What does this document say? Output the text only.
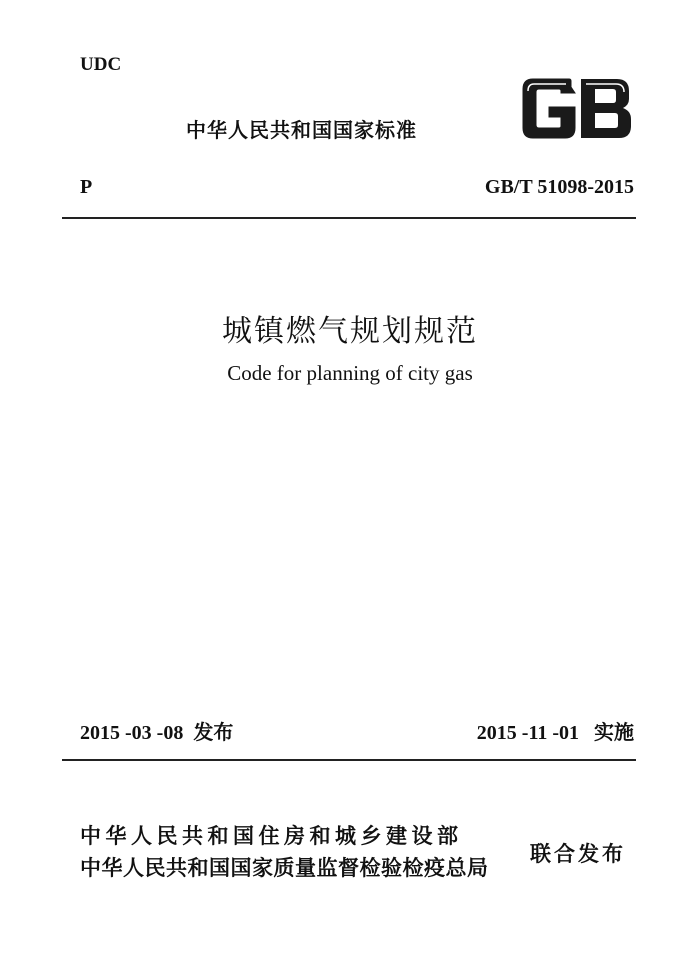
UDC
中华人民共和国国家标准
P	GB/T 51098-2015
城镇燃气规划规范
Code for planning of city gas
2015 -03 -08 发布	2015 -11 -01 实施
中华人民共和国住房和城乡建设部
中华人民共和国国家质量监督检验检疫总局
联合发布
